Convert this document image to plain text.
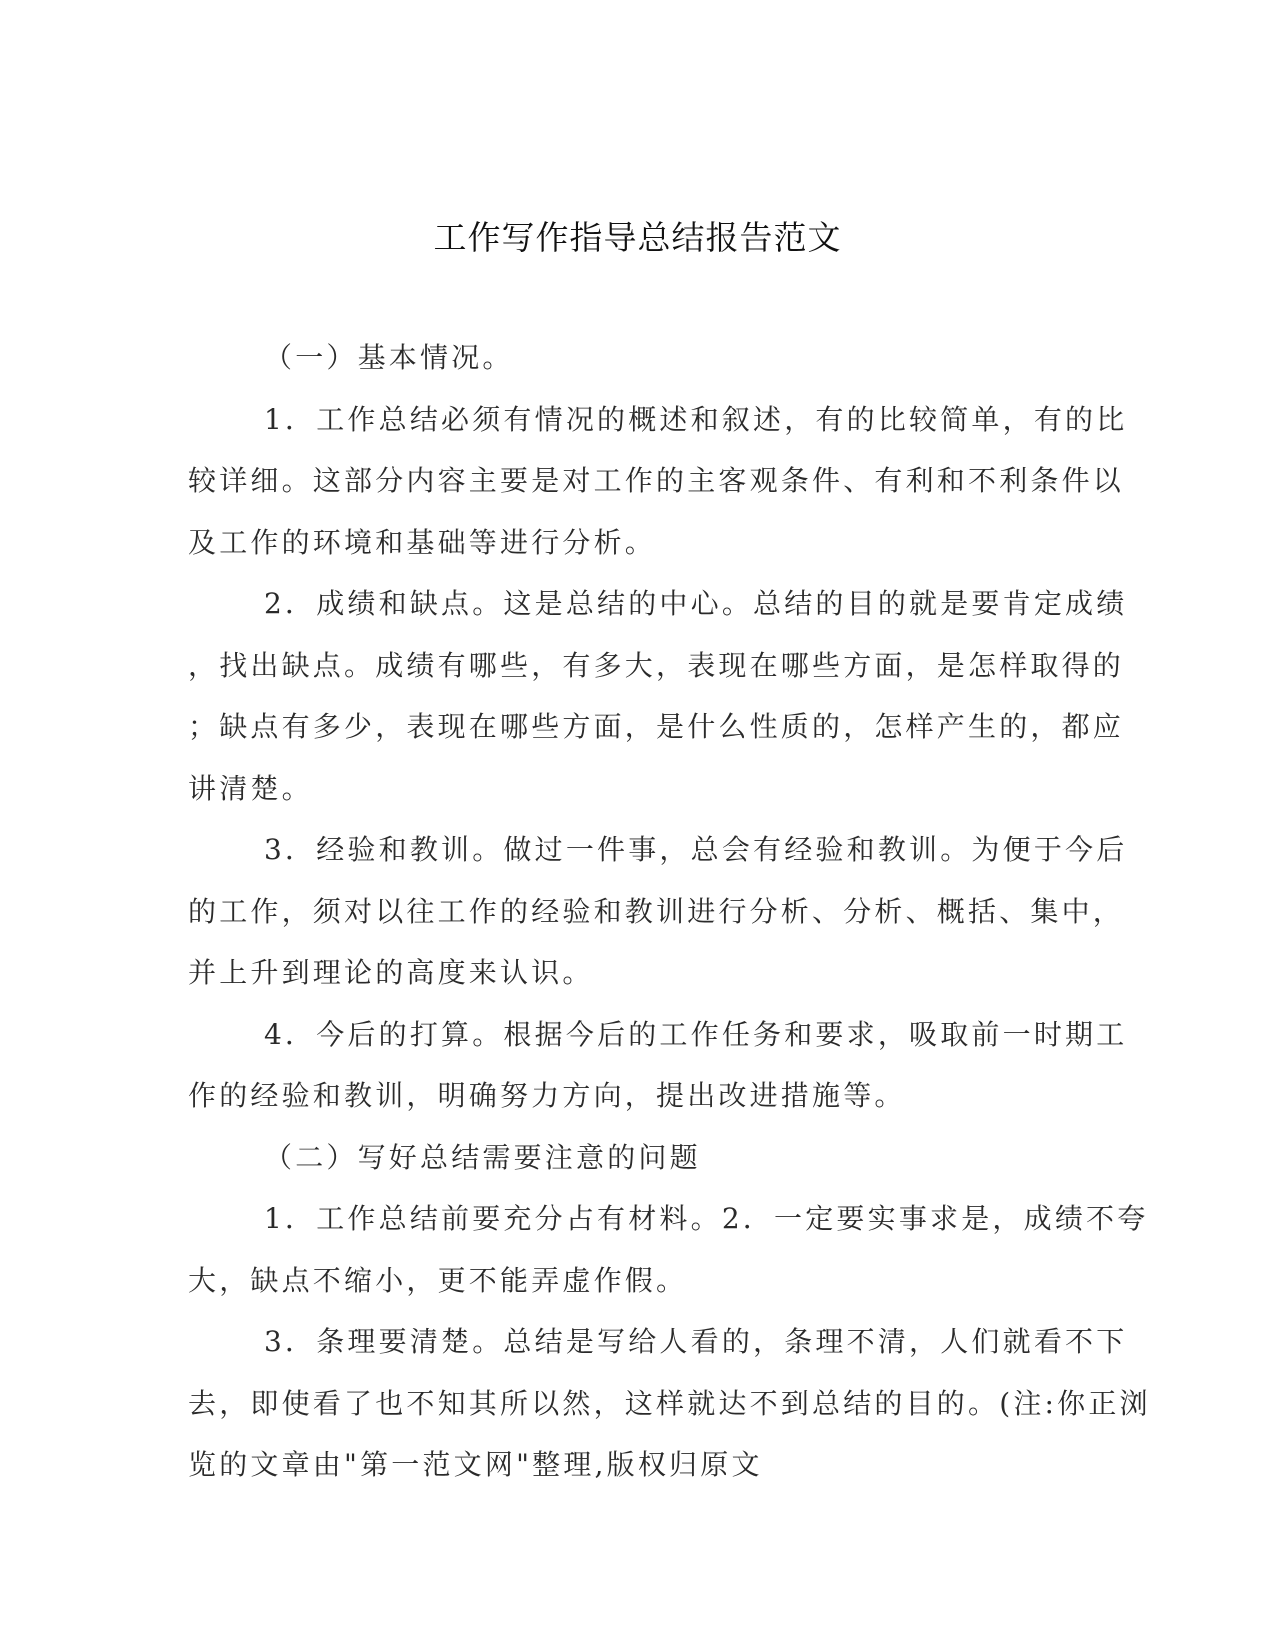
工作写作指导总结报告范文

（一）基本情况。

1．工作总结必须有情况的概述和叙述，有的比较简单，有的比
较详细。这部分内容主要是对工作的主客观条件、有利和不利条件以
及工作的环境和基础等进行分析。

2．成绩和缺点。这是总结的中心。总结的目的就是要肯定成绩
，找出缺点。成绩有哪些，有多大，表现在哪些方面，是怎样取得的
；缺点有多少，表现在哪些方面，是什么性质的，怎样产生的，都应
讲清楚。

3．经验和教训。做过一件事，总会有经验和教训。为便于今后
的工作，须对以往工作的经验和教训进行分析、分析、概括、集中，
并上升到理论的高度来认识。

4．今后的打算。根据今后的工作任务和要求，吸取前一时期工
作的经验和教训，明确努力方向，提出改进措施等。

（二）写好总结需要注意的问题

1．工作总结前要充分占有材料。2．一定要实事求是，成绩不夸
大，缺点不缩小，更不能弄虚作假。

3．条理要清楚。总结是写给人看的，条理不清，人们就看不下
去，即使看了也不知其所以然，这样就达不到总结的目的。(注:你正浏
览的文章由"第一范文网"整理,版权归原文
